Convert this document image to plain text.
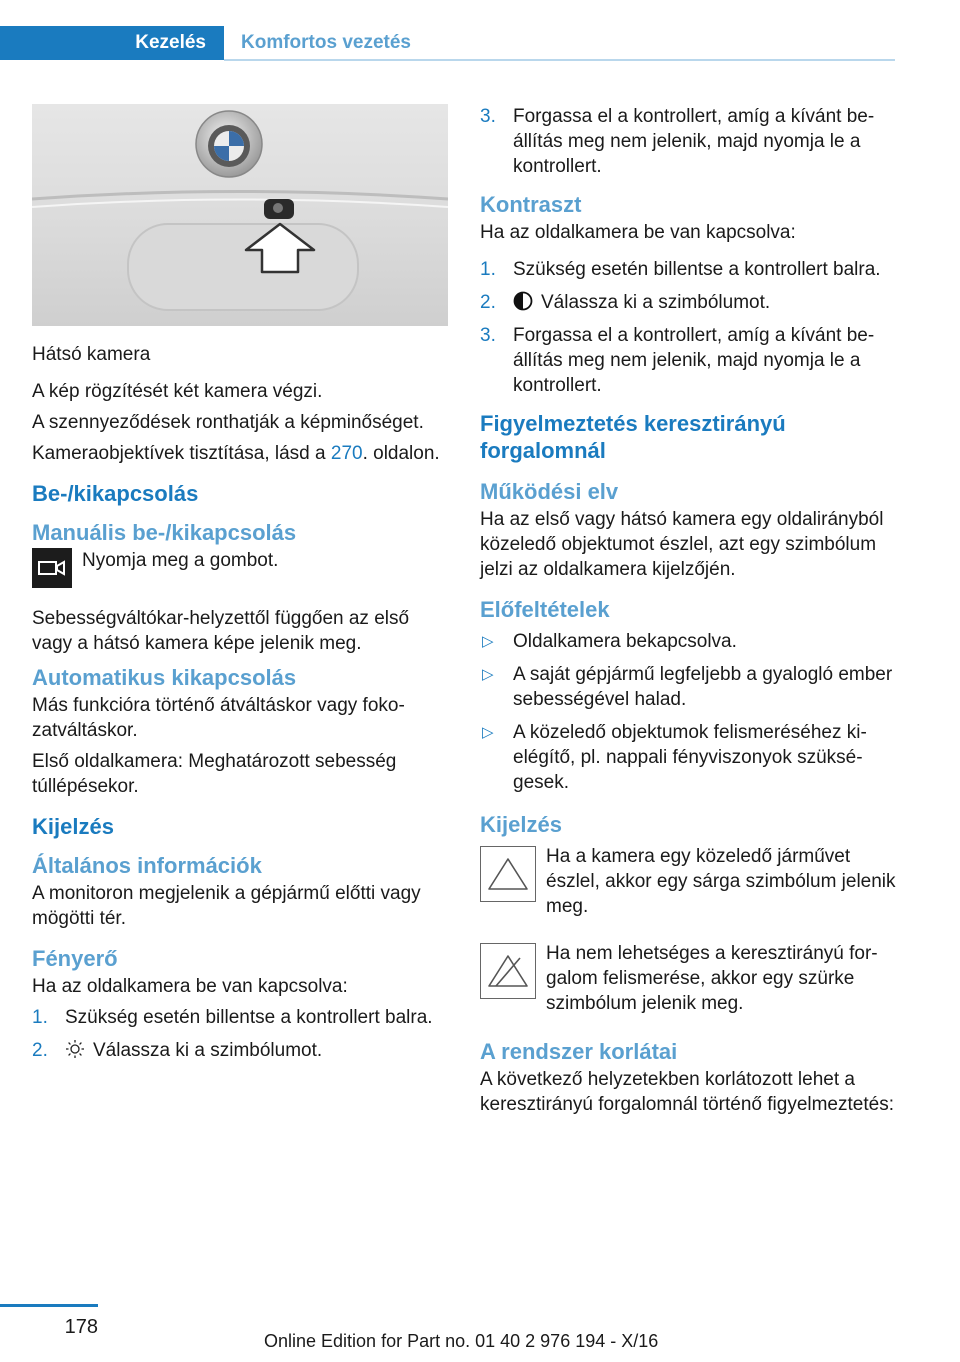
Kezelés	Komfortos vezetés

Hátsó kamera

A kép rögzítését két kamera végzi.

A szennyeződések ronthatják a képminőséget.

Kameraobjektívek tisztítása, lásd a 270. oldalon.

Be-/kikapcsolás
Manuális be-/kikapcsolás

Nyomja meg a gombot.

Sebességváltókar-helyzettől függően az első vagy a hátsó kamera képe jelenik meg.

Automatikus kikapcsolás

Más funkcióra történő átváltáskor vagy fokozatváltáskor.

Első oldalkamera: Meghatározott sebesség túllépésekor.

Kijelzés
Általános információk

A monitoron megjelenik a gépjármű előtti vagy mögötti tér.

Fényerő

Ha az oldalkamera be van kapcsolva:

1. Szükség esetén billentse a kontrollert balra.
2. Válassza ki a szimbólumot.
3. Forgassa el a kontrollert, amíg a kívánt beállítás meg nem jelenik, majd nyomja le a kontrollert.
Kontraszt

Ha az oldalkamera be van kapcsolva:

1. Szükség esetén billentse a kontrollert balra.
2. Válassza ki a szimbólumot.
3. Forgassa el a kontrollert, amíg a kívánt beállítás meg nem jelenik, majd nyomja le a kontrollert.
Figyelmeztetés keresztirányú forgalomnál
Működési elv

Ha az első vagy hátsó kamera egy oldalirányból közeledő objektumot észlel, azt egy szimbólum jelzi az oldalkamera kijelzőjén.

Előfeltételek
▷ Oldalkamera bekapcsolva.
▷ A saját gépjármű legfeljebb a gyalogló ember sebességével halad.
▷ A közeledő objektumok felismeréséhez kielégítő, pl. nappali fényviszonyok szükségesek.
Kijelzés

Ha a kamera egy közeledő járművet észlel, akkor egy sárga szimbólum jelenik meg.

Ha nem lehetséges a keresztirányú forgalom felismerése, akkor egy szürke szimbólum jelenik meg.

A rendszer korlátai

A következő helyzetekben korlátozott lehet a keresztirányú forgalomnál történő figyelmeztetés:

178
Online Edition for Part no. 01 40 2 976 194 - X/16
